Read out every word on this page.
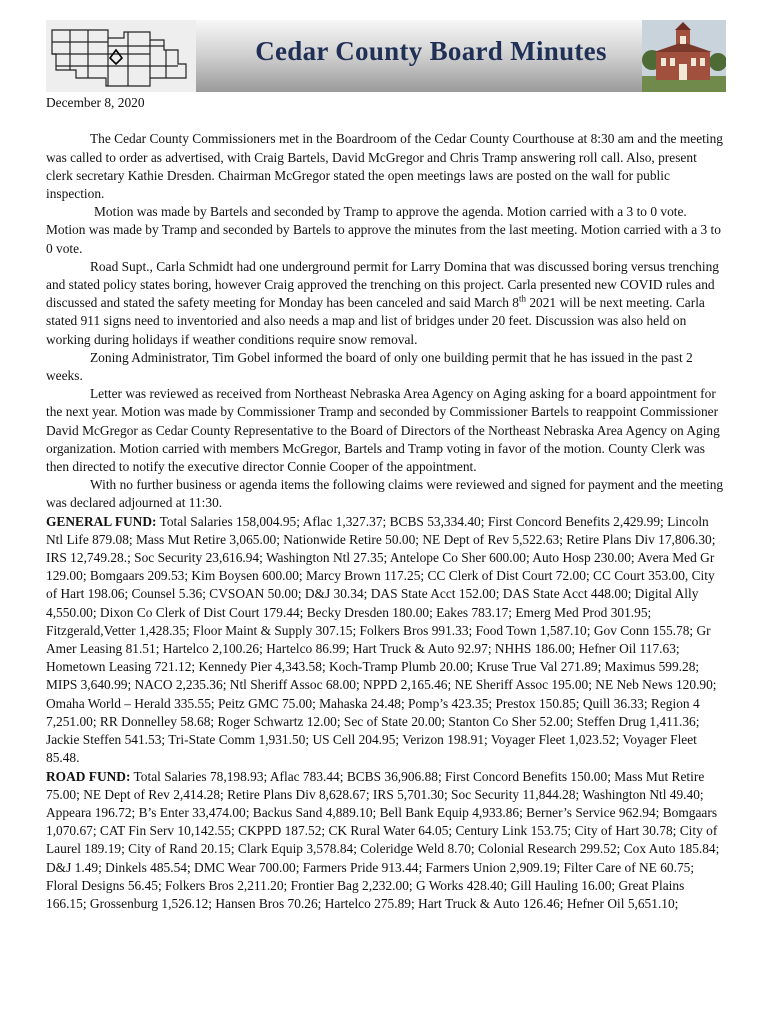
Cedar County Board Minutes

December 8, 2020

The Cedar County Commissioners met in the Boardroom of the Cedar County Courthouse at 8:30 am and the meeting was called to order as advertised, with Craig Bartels, David McGregor and Chris Tramp answering roll call. Also, present clerk secretary Kathie Dresden. Chairman McGregor stated the open meetings laws are posted on the wall for public inspection.

Motion was made by Bartels and seconded by Tramp to approve the agenda. Motion carried with a 3 to 0 vote. Motion was made by Tramp and seconded by Bartels to approve the minutes from the last meeting. Motion carried with a 3 to 0 vote.

Road Supt., Carla Schmidt had one underground permit for Larry Domina that was discussed boring versus trenching and stated policy states boring, however Craig approved the trenching on this project. Carla presented new COVID rules and discussed and stated the safety meeting for Monday has been canceled and said March 8th 2021 will be next meeting. Carla stated 911 signs need to inventoried and also needs a map and list of bridges under 20 feet. Discussion was also held on working during holidays if weather conditions require snow removal.

Zoning Administrator, Tim Gobel informed the board of only one building permit that he has issued in the past 2 weeks.

Letter was reviewed as received from Northeast Nebraska Area Agency on Aging asking for a board appointment for the next year. Motion was made by Commissioner Tramp and seconded by Commissioner Bartels to reappoint Commissioner David McGregor as Cedar County Representative to the Board of Directors of the Northeast Nebraska Area Agency on Aging organization. Motion carried with members McGregor, Bartels and Tramp voting in favor of the motion. County Clerk was then directed to notify the executive director Connie Cooper of the appointment.

With no further business or agenda items the following claims were reviewed and signed for payment and the meeting was declared adjourned at 11:30.

GENERAL FUND: Total Salaries 158,004.95; Aflac 1,327.37; BCBS 53,334.40; First Concord Benefits 2,429.99; Lincoln Ntl Life 879.08; Mass Mut Retire 3,065.00; Nationwide Retire 50.00; NE Dept of Rev 5,522.63; Retire Plans Div 17,806.30; IRS 12,749.28.; Soc Security 23,616.94; Washington Ntl 27.35; Antelope Co Sher 600.00; Auto Hosp 230.00; Avera Med Gr 129.00; Bomgaars 209.53; Kim Boysen 600.00; Marcy Brown 117.25; CC Clerk of Dist Court 72.00; CC Court 353.00, City of Hart 198.06; Counsel 5.36; CVSOAN 50.00; D&J 30.34; DAS State Acct 152.00; DAS State Acct 448.00; Digital Ally 4,550.00; Dixon Co Clerk of Dist Court 179.44; Becky Dresden 180.00; Eakes 783.17; Emerg Med Prod 301.95; Fitzgerald,Vetter 1,428.35; Floor Maint & Supply 307.15; Folkers Bros 991.33; Food Town 1,587.10; Gov Conn 155.78; Gr Amer Leasing 81.51; Hartelco 2,100.26; Hartelco 86.99; Hart Truck & Auto 92.97; NHHS 186.00; Hefner Oil 117.63; Hometown Leasing 721.12; Kennedy Pier 4,343.58; Koch-Tramp Plumb 20.00; Kruse True Val 271.89; Maximus 599.28; MIPS 3,640.99; NACO 2,235.36; Ntl Sheriff Assoc 68.00; NPPD 2,165.46; NE Sheriff Assoc 195.00; NE Neb News 120.90; Omaha World – Herald 335.55; Peitz GMC 75.00; Mahaska 24.48; Pomp’s 423.35; Prestox 150.85; Quill 36.33; Region 4 7,251.00; RR Donnelley 58.68; Roger Schwartz 12.00; Sec of State 20.00; Stanton Co Sher 52.00; Steffen Drug 1,411.36; Jackie Steffen 541.53; Tri-State Comm 1,931.50; US Cell 204.95; Verizon 198.91; Voyager Fleet 1,023.52; Voyager Fleet 85.48.

ROAD FUND: Total Salaries 78,198.93; Aflac 783.44; BCBS 36,906.88; First Concord Benefits 150.00; Mass Mut Retire 75.00; NE Dept of Rev 2,414.28; Retire Plans Div 8,628.67; IRS 5,701.30; Soc Security 11,844.28; Washington Ntl 49.40; Appeara 196.72; B’s Enter 33,474.00; Backus Sand 4,889.10; Bell Bank Equip 4,933.86; Berner’s Service 962.94; Bomgaars 1,070.67; CAT Fin Serv 10,142.55; CKPPD 187.52; CK Rural Water 64.05; Century Link 153.75; City of Hart 30.78; City of Laurel 189.19; City of Rand 20.15; Clark Equip 3,578.84; Coleridge Weld 8.70; Colonial Research 299.52; Cox Auto 185.84; D&J 1.49; Dinkels 485.54; DMC Wear 700.00; Farmers Pride 913.44; Farmers Union 2,909.19; Filter Care of NE 60.75; Floral Designs 56.45; Folkers Bros 2,211.20; Frontier Bag 2,232.00; G Works 428.40; Gill Hauling 16.00; Great Plains 166.15; Grossenburg 1,526.12; Hansen Bros 70.26; Hartelco 275.89; Hart Truck & Auto 126.46; Hefner Oil 5,651.10;
